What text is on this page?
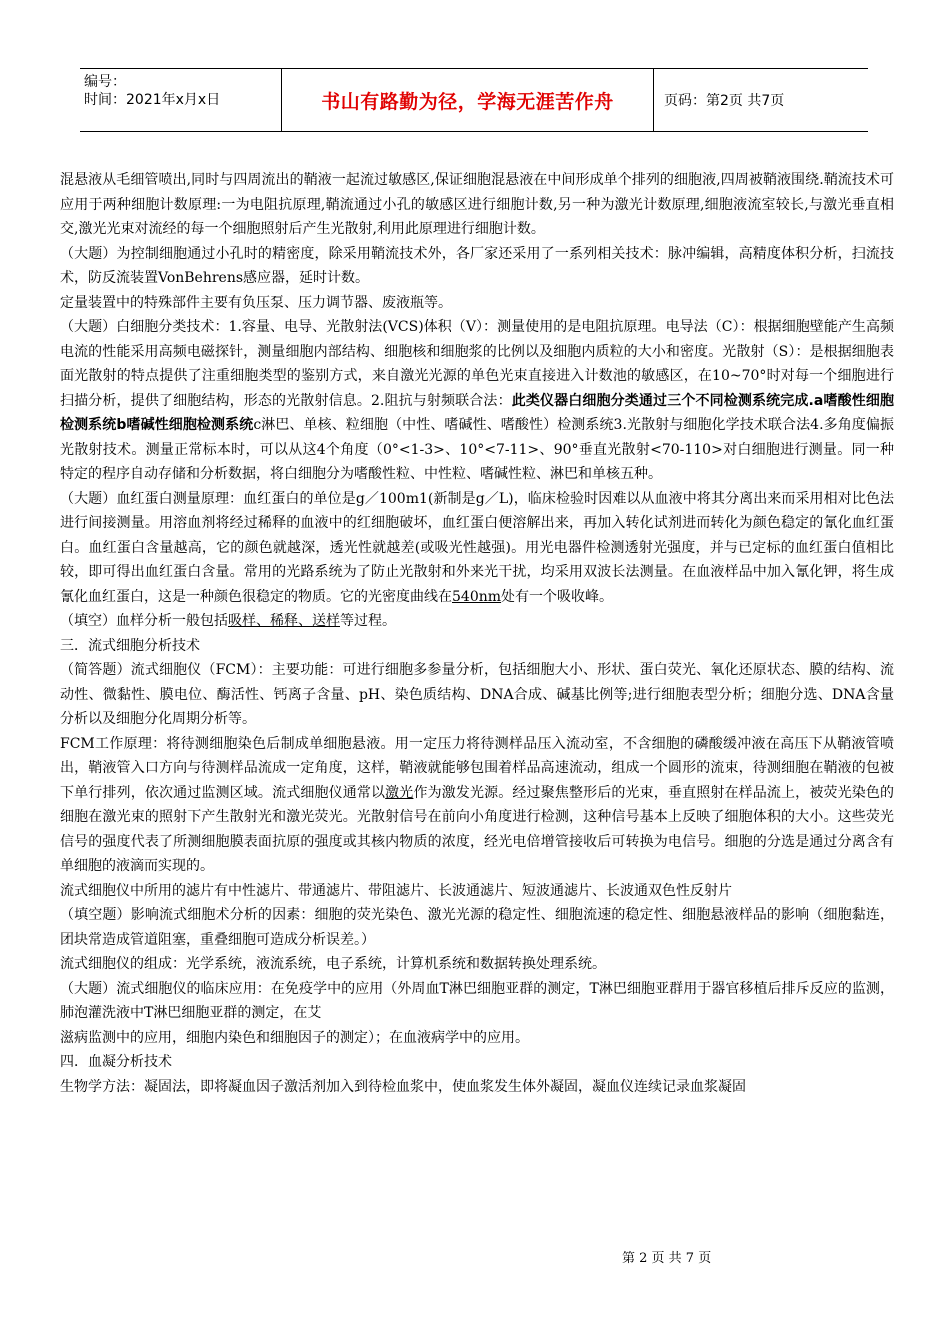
编号：
时间：2021年x月x日	书山有路勤为径，学海无涯苦作舟	页码：第2页 共7页

混悬液从毛细管喷出,同时与四周流出的鞘液一起流过敏感区,保证细胞混悬液在中间形成单个排列的细胞液,四周被鞘液围绕.鞘流技术可应用于两种细胞计数原理:一为电阻抗原理,鞘流通过小孔的敏感区进行细胞计数,另一种为激光计数原理,细胞液流室较长,与激光垂直相交,激光光束对流经的每一个细胞照射后产生光散射,利用此原理进行细胞计数。

（大题）为控制细胞通过小孔时的精密度，除采用鞘流技术外，各厂家还采用了一系列相关技术：脉冲编辑，高精度体积分析，扫流技术，防反流装置VonBehrens感应器，延时计数。

定量装置中的特殊部件主要有负压泵、压力调节器、废液瓶等。

（大题）白细胞分类技术：1.容量、电导、光散射法(VCS)体积（V）：测量使用的是电阻抗原理。电导法（C）：根据细胞壁能产生高频电流的性能采用高频电磁探针，测量细胞内部结构、细胞核和细胞浆的比例以及细胞内质粒的大小和密度。光散射（S）：是根据细胞表面光散射的特点提供了注重细胞类型的鉴别方式，来自激光光源的单色光束直接进入计数池的敏感区，在10~70°时对每一个细胞进行扫描分析，提供了细胞结构，形态的光散射信息。2.阻抗与射频联合法：此类仪器白细胞分类通过三个不同检测系统完成.a嗜酸性细胞检测系统b嗜碱性细胞检测系统c淋巴、单核、粒细胞（中性、嗜碱性、嗜酸性）检测系统3.光散射与细胞化学技术联合法4.多角度偏振光散射技术。测量正常标本时，可以从这4个角度（0°<1-3>、10°<7-11>、90°垂直光散射<70-110>对白细胞进行测量。同一种特定的程序自动存储和分析数据，将白细胞分为嗜酸性粒、中性粒、嗜碱性粒、淋巴和单核五种。

（大题）血红蛋白测量原理：血红蛋白的单位是g／100m1(新制是g／L)，临床检验时因难以从血液中将其分离出来而采用相对比色法进行间接测量。用溶血剂将经过稀释的血液中的红细胞破坏，血红蛋白便溶解出来，再加入转化试剂进而转化为颜色稳定的氰化血红蛋白。血红蛋白含量越高，它的颜色就越深，透光性就越差(或吸光性越强)。用光电器件检测透射光强度，并与已定标的血红蛋白值相比较，即可得出血红蛋白含量。常用的光路系统为了防止光散射和外来光干扰，均采用双波长法测量。在血液样品中加入氰化钾，将生成氰化血红蛋白，这是一种颜色很稳定的物质。它的光密度曲线在540nm处有一个吸收峰。

（填空）血样分析一般包括吸样、稀释、送样等过程。

三．流式细胞分析技术

（简答题）流式细胞仪（FCM）：主要功能：可进行细胞多参量分析，包括细胞大小、形状、蛋白荧光、氧化还原状态、膜的结构、流动性、微黏性、膜电位、酶活性、钙离子含量、pH、染色质结构、DNA合成、碱基比例等;进行细胞表型分析；细胞分选、DNA含量分析以及细胞分化周期分析等。

FCM工作原理：将待测细胞染色后制成单细胞悬液。用一定压力将待测样品压入流动室，不含细胞的磷酸缓冲液在高压下从鞘液管喷出，鞘液管入口方向与待测样品流成一定角度，这样，鞘液就能够包围着样品高速流动，组成一个圆形的流束，待测细胞在鞘液的包被下单行排列，依次通过监测区域。流式细胞仪通常以激光作为激发光源。经过聚焦整形后的光束，垂直照射在样品流上，被荧光染色的细胞在激光束的照射下产生散射光和激光荧光。光散射信号在前向小角度进行检测，这种信号基本上反映了细胞体积的大小。这些荧光信号的强度代表了所测细胞膜表面抗原的强度或其核内物质的浓度，经光电倍增管接收后可转换为电信号。细胞的分选是通过分离含有单细胞的液滴而实现的。

流式细胞仪中所用的滤片有中性滤片、带通滤片、带阻滤片、长波通滤片、短波通滤片、长波通双色性反射片

（填空题）影响流式细胞术分析的因素：细胞的荧光染色、激光光源的稳定性、细胞流速的稳定性、细胞悬液样品的影响（细胞黏连，团块常造成管道阻塞，重叠细胞可造成分析误差。）

流式细胞仪的组成：光学系统，液流系统，电子系统，计算机系统和数据转换处理系统。

（大题）流式细胞仪的临床应用：在免疫学中的应用（外周血T淋巴细胞亚群的测定，T淋巴细胞亚群用于器官移植后排斥反应的监测，肺泡灌洗液中T淋巴细胞亚群的测定，在艾

滋病监测中的应用，细胞内染色和细胞因子的测定）；在血液病学中的应用。

四．血凝分析技术

生物学方法：凝固法，即将凝血因子激活剂加入到待检血浆中，使血浆发生体外凝固，凝血仪连续记录血浆凝固

第 2 页 共 7 页
